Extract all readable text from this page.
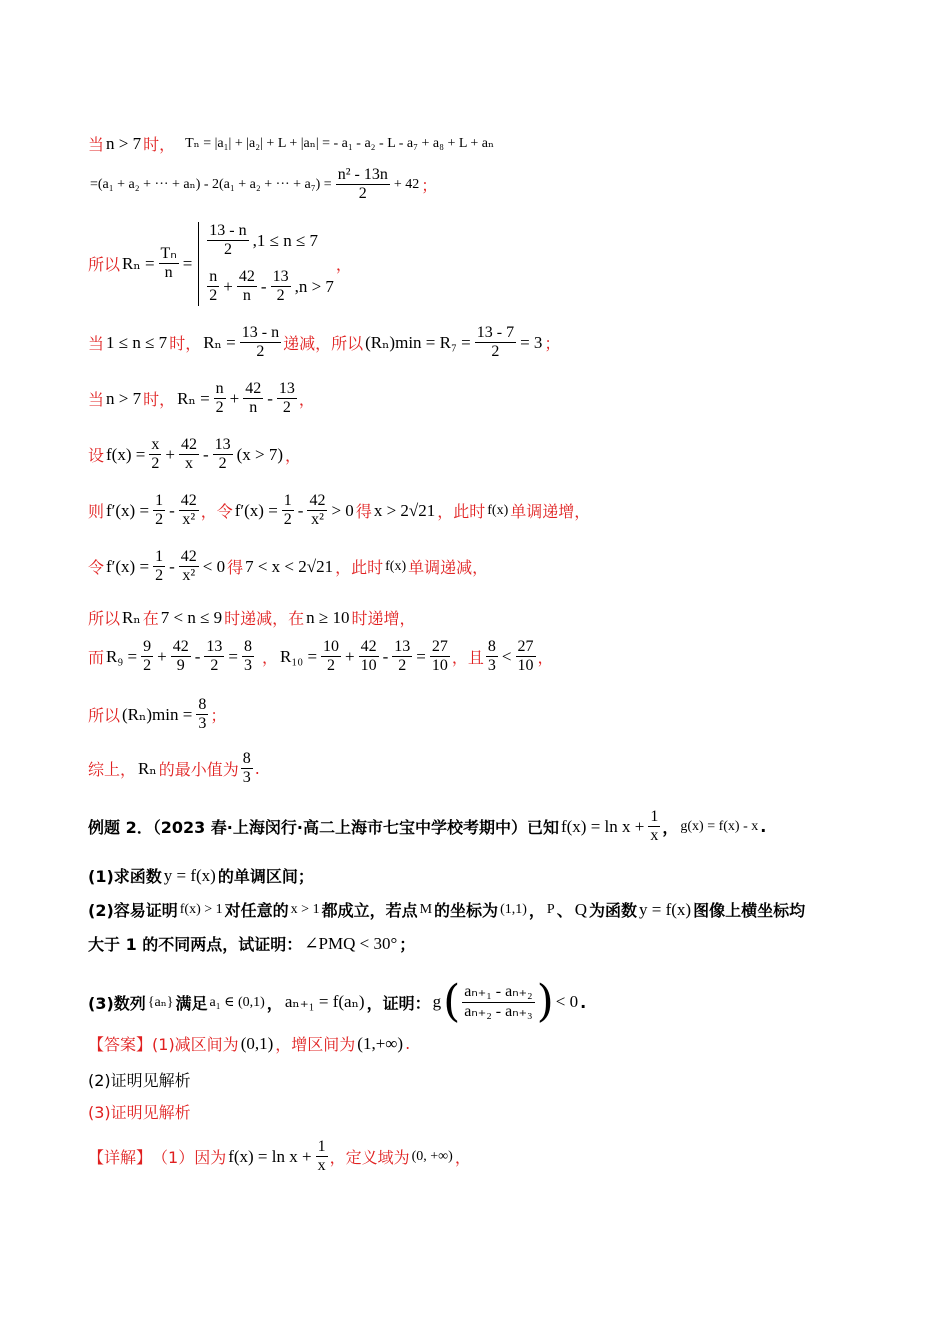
当 n > 7 时， Tₙ = |a₁| + |a₂| + L + |aₙ| = - a₁ - a₂ - L - a₇ + a₈ + L + aₙ
=(a₁ + a₂ + ··· + aₙ) - 2(a₁ + a₂ + ··· + $a_7) = \frac{\text{n² - 13n}}{2} + 42$ ；
所以 $R_n = \frac{\text{Tₙ}}{n}$ =
$\frac{13 - n}{2} ,1 \le n \le 7$
$\frac{n}{2} + \frac{42}{n} - \frac{13}{2} ,n > 7$
，
当 1 ≤ n ≤ 7 时， $R_n = \frac{13 - n}{2}$ 递减，所以 $(R_n)\min = R_7 = \frac{13 - 7}{2} = 3$ ；
当 n > 7 时， $R_n = \frac{n}{2} + \frac{42}{n} - \frac{13}{2}$ ，
设 $f(x) = \frac{x}{2} + \frac{42}{x} - \frac{13}{2} (x > 7)$ ，
则 $f'(x) = \frac{1}{2} - \frac{42}{\text{x²}}$ ，令 $f'(x) = \frac{1}{2} - \frac{42}{\text{x²}} > 0$ 得 x > 2√21 ，此时 f(x) 单调递增，
令 $f'(x) = \frac{1}{2} - \frac{42}{\text{x²}} < 0$ 得 7 < x < 2√21 ，此时 f(x) 单调递减，
所以 Rₙ 在 7 < n ≤ 9 时递减，在 n ≥ 10 时递增，
而 $R_9 = \frac{9}{2} + \frac{42}{9} - \frac{13}{2} = \frac{8}{3}$ ， $R_{10} = \frac{10}{2} + \frac{42}{10} - \frac{13}{2} = \frac{27}{10}$ ，且 $\frac{8}{3} < \frac{27}{10}$ ，
所以 $(R_n)\min = \frac{8}{3}$ ；
综上， Rₙ 的最小值为 $\frac{8}{3}$ .
例题 2．（2023 春·上海闵行·高二上海市七宝中学校考期中）已知 $f(x) = \ln x + \frac{1}{x}$ ， g(x) = f(x) - x .
(1)求函数 y = f(x) 的单调区间；
(2)容易证明 f(x) > 1 对任意的 x > 1 都成立，若点 M 的坐标为 (1,1) ， P 、 Q 为函数 y = f(x) 图像上横坐标均
大于 1 的不同两点，试证明： ∠PMQ < 30° ；
(3)数列 {aₙ} 满足 a₁ ∈ (0,1) ， aₙ₊₁ = f(aₙ) ，证明： g ( $\frac{\text{aₙ₊₁ - aₙ₊₂}}{\text{aₙ₊₂ - aₙ₊₃}}$ ) < 0 .
【答案】 (1)减区间为 (0,1) ，增区间为 (1,+∞) .
(2)证明见解析
(3)证明见解析
【详解】 （1）因为 $f(x) = \ln x + \frac{1}{x}$ ，定义域为 (0, +∞) ，
